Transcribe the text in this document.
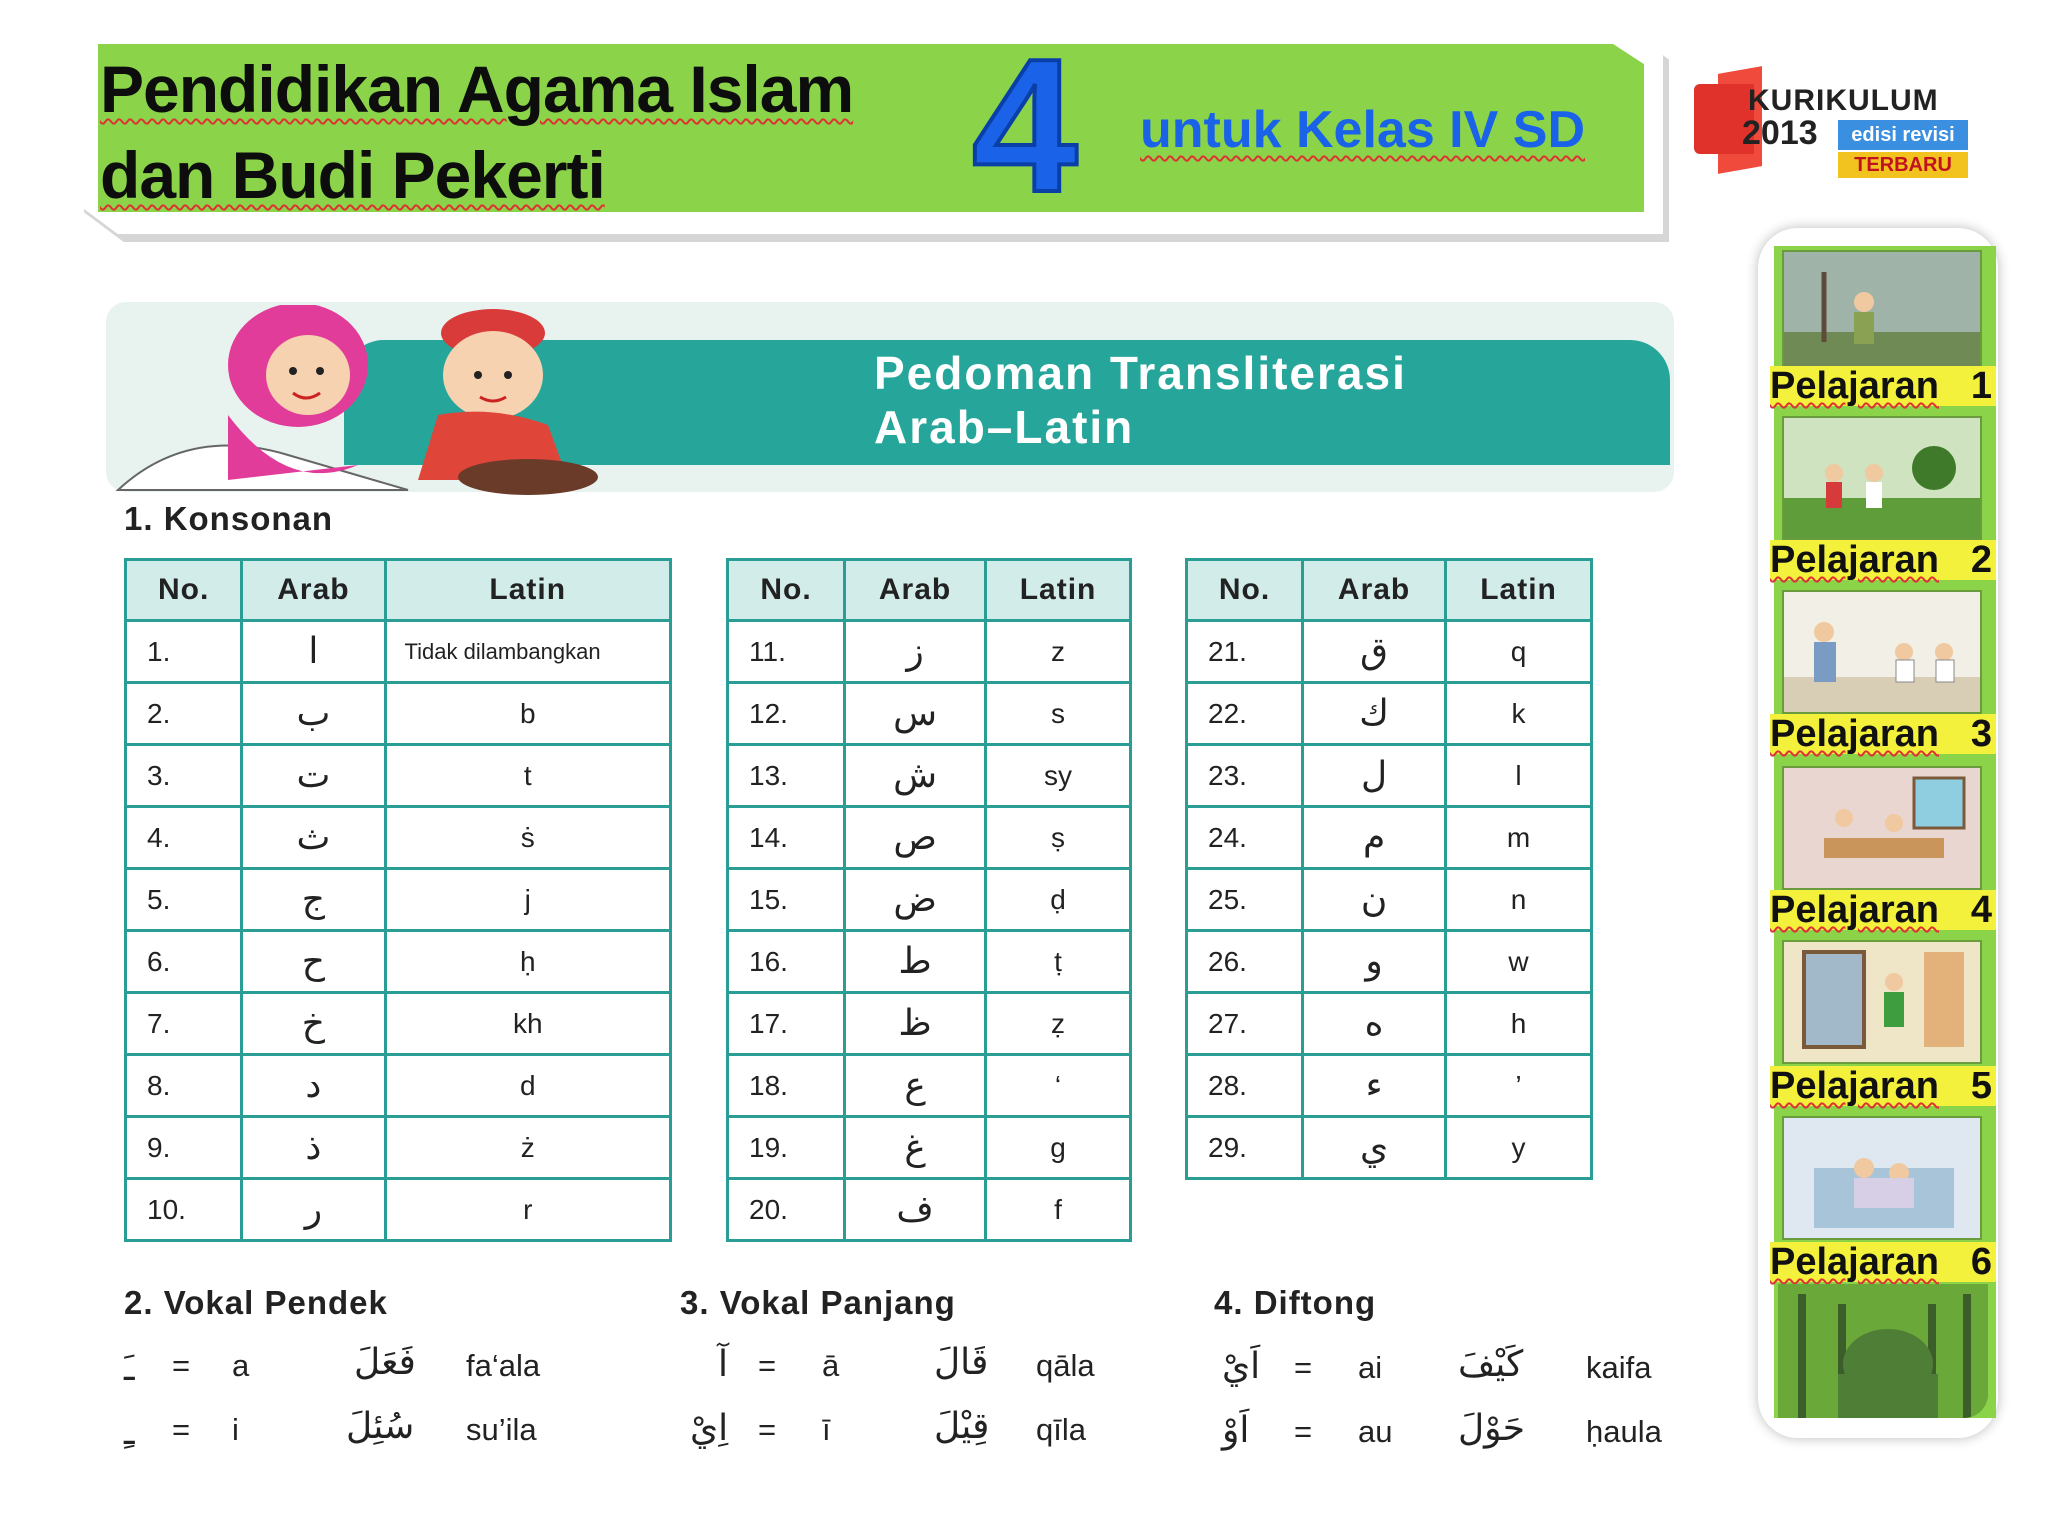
Pendidikan Agama Islam
dan Budi Pekerti	4 untuk Kelas IV SD
KURIKULUM
2013	edisi revisi
TERBARU
Pelajaran 1
Pelajaran 2
Pelajaran 3
Pelajaran 4
Pelajaran 5
Pelajaran 6
Pedoman Transliterasi
Arab–Latin
1. Konsonan
No.	Arab	Latin
1.	ا	Tidak dilambangkan
2.	ب	b
3.	ت	t
4.	ث	ṡ
5.	ج	j
6.	ح	ḥ
7.	خ	kh
8.	د	d
9.	ذ	ż
10.	ر	r
No.	Arab	Latin
11.	ز	z
12.	س	s
13.	ش	sy
14.	ص	ṣ
15.	ض	ḍ
16.	ط	ṭ
17.	ظ	ẓ
18.	ع	‘
19.	غ	g
20.	ف	f
No.	Arab	Latin
21.	ق	q
22.	ك	k
23.	ل	l
24.	م	m
25.	ن	n
26.	و	w
27.	ه	h
28.	ء	’
29.	ي	y
2. Vokal Pendek
ـَ = a	فَعَلَ fa‘ala
ـِ = i	سُئِلَ su’ila
3. Vokal Panjang
آ = ā	قَالَ qāla
اِيْ = ī	قِيْلَ qīla
4. Diftong
اَيْ = ai كَيْفَ kaifa
اَوْ = au حَوْلَ ḥaula
